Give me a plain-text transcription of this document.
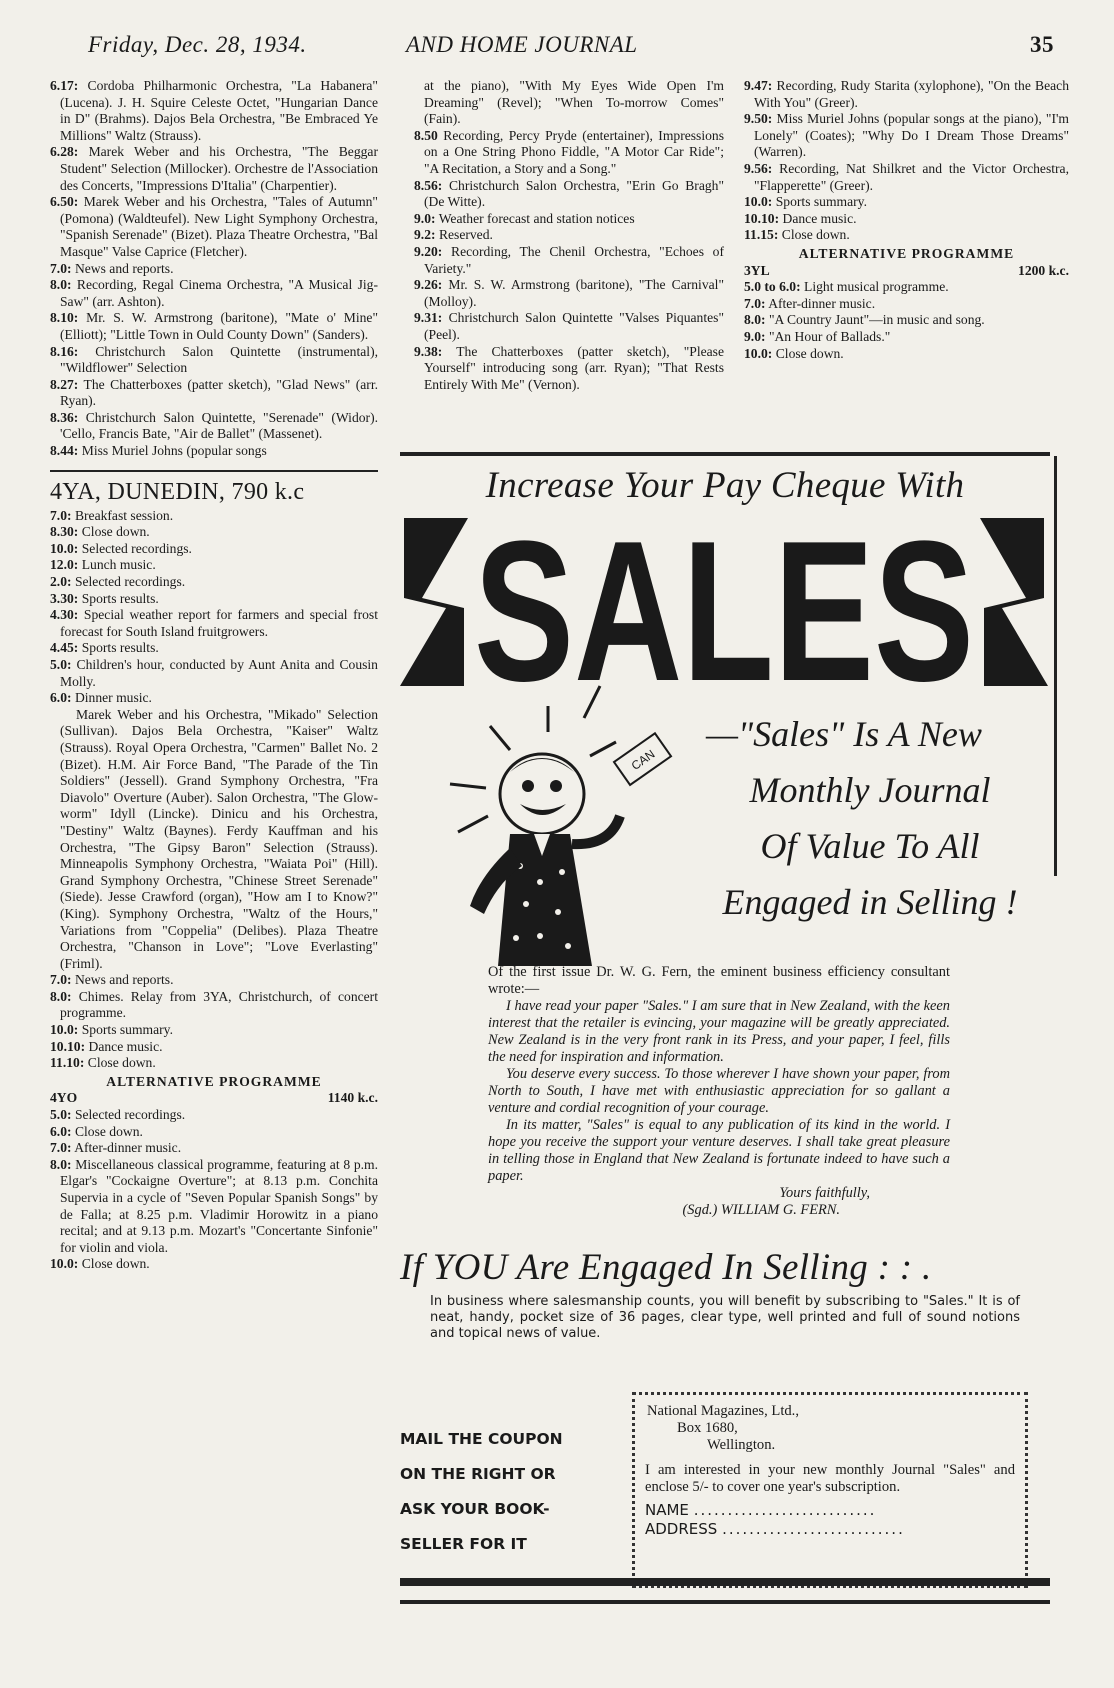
Friday, Dec. 28, 1934.	AND HOME JOURNAL	35
6.17: Cordoba Philharmonic Orchestra, "La Habanera" (Lucena). J. H. Squire Celeste Octet, "Hungarian Dance in D" (Brahms). Dajos Bela Orchestra, "Be Embraced Ye Millions" Waltz (Strauss).
6.28: Marek Weber and his Orchestra, "The Beggar Student" Selection (Millocker). Orchestre de l'Association des Concerts, "Impressions D'Italia" (Charpentier).
6.50: Marek Weber and his Orchestra, "Tales of Autumn" (Pomona) (Waldteufel). New Light Symphony Orchestra, "Spanish Serenade" (Bizet). Plaza Theatre Orchestra, "Bal Masque" Valse Caprice (Fletcher).
7.0: News and reports.
8.0: Recording, Regal Cinema Orchestra, "A Musical Jig-Saw" (arr. Ashton).
8.10: Mr. S. W. Armstrong (baritone), "Mate o' Mine" (Elliott); "Little Town in Ould County Down" (Sanders).
8.16: Christchurch Salon Quintette (instrumental), "Wildflower" Selection
8.27: The Chatterboxes (patter sketch), "Glad News" (arr. Ryan).
8.36: Christchurch Salon Quintette, "Serenade" (Widor). 'Cello, Francis Bate, "Air de Ballet" (Massenet).
8.44: Miss Muriel Johns (popular songs
4YA, DUNEDIN, 790 k.c
7.0: Breakfast session.
8.30: Close down.
10.0: Selected recordings.
12.0: Lunch music.
2.0: Selected recordings.
3.30: Sports results.
4.30: Special weather report for farmers and special frost forecast for South Island fruitgrowers.
4.45: Sports results.
5.0: Children's hour, conducted by Aunt Anita and Cousin Molly.
6.0: Dinner music.
Marek Weber and his Orchestra, "Mikado" Selection (Sullivan). Dajos Bela Orchestra, "Kaiser" Waltz (Strauss). Royal Opera Orchestra, "Carmen" Ballet No. 2 (Bizet). H.M. Air Force Band, "The Parade of the Tin Soldiers" (Jessell). Grand Symphony Orchestra, "Fra Diavolo" Overture (Auber). Salon Orchestra, "The Glow-worm" Idyll (Lincke). Dinicu and his Orchestra, "Destiny" Waltz (Baynes). Ferdy Kauffman and his Orchestra, "The Gipsy Baron" Selection (Strauss). Minneapolis Symphony Orchestra, "Waiata Poi" (Hill). Grand Symphony Orchestra, "Chinese Street Serenade" (Siede). Jesse Crawford (organ), "How am I to Know?" (King). Symphony Orchestra, "Waltz of the Hours," Variations from "Coppelia" (Delibes). Plaza Theatre Orchestra, "Chanson in Love"; "Love Everlasting" (Friml).
7.0: News and reports.
8.0: Chimes. Relay from 3YA, Christchurch, of concert programme.
10.0: Sports summary.
10.10: Dance music.
11.10: Close down.
ALTERNATIVE PROGRAMME
4YO	1140 k.c.
5.0: Selected recordings.
6.0: Close down.
7.0: After-dinner music.
8.0: Miscellaneous classical programme, featuring at 8 p.m. Elgar's "Cockaigne Overture"; at 8.13 p.m. Conchita Supervia in a cycle of "Seven Popular Spanish Songs" by de Falla; at 8.25 p.m. Vladimir Horowitz in a piano recital; and at 9.13 p.m. Mozart's "Concertante Sinfonie" for violin and viola.
10.0: Close down.
at the piano), "With My Eyes Wide Open I'm Dreaming" (Revel); "When To-morrow Comes" (Fain).
8.50 Recording, Percy Pryde (entertainer), Impressions on a One String Phono Fiddle, "A Motor Car Ride"; "A Recitation, a Story and a Song."
8.56: Christchurch Salon Orchestra, "Erin Go Bragh" (De Witte).
9.0: Weather forecast and station notices
9.2: Reserved.
9.20: Recording, The Chenil Orchestra, "Echoes of Variety."
9.26: Mr. S. W. Armstrong (baritone), "The Carnival" (Molloy).
9.31: Christchurch Salon Quintette "Valses Piquantes" (Peel).
9.38: The Chatterboxes (patter sketch), "Please Yourself" introducing song (arr. Ryan); "That Rests Entirely With Me" (Vernon).
9.47: Recording, Rudy Starita (xylophone), "On the Beach With You" (Greer).
9.50: Miss Muriel Johns (popular songs at the piano), "I'm Lonely" (Coates); "Why Do I Dream Those Dreams" (Warren).
9.56: Recording, Nat Shilkret and the Victor Orchestra, "Flapperette" (Greer).
10.0: Sports summary.
10.10: Dance music.
11.15: Close down.
ALTERNATIVE PROGRAMME
3YL	1200 k.c.
5.0 to 6.0: Light musical programme.
7.0: After-dinner music.
8.0: "A Country Jaunt"—in music and song.
9.0: "An Hour of Ballads."
10.0: Close down.
Increase Your Pay Cheque With
SALES
CAN
—"Sales" Is A New
Monthly Journal
Of Value To All
Engaged in Selling !

Of the first issue Dr. W. G. Fern, the eminent business efficiency consultant wrote:—

I have read your paper "Sales." I am sure that in New Zealand, with the keen interest that the retailer is evincing, your magazine will be greatly appreciated. New Zealand is in the very front rank in its Press, and your paper, I feel, fills the need for inspiration and information.

You deserve every success. To those wherever I have shown your paper, from North to South, I have met with enthusiastic appreciation for so gallant a venture and cordial recognition of your courage.

In its matter, "Sales" is equal to any publication of its kind in the world. I hope you receive the support your venture deserves. I shall take great pleasure in telling those in England that New Zealand is fortunate indeed to have such a paper.

Yours faithfully,

(Sgd.) WILLIAM G. FERN.

If YOU Are Engaged In Selling : : .
In business where salesmanship counts, you will benefit by subscribing to "Sales." It is of neat, handy, pocket size of 36 pages, clear type, well printed and full of sound notions and topical news of value.
MAIL THE COUPON
ON THE RIGHT OR
ASK YOUR BOOK-
SELLER FOR IT
National Magazines, Ltd.,
Box 1680,
Wellington.
I am interested in your new monthly Journal "Sales" and enclose 5/- to cover one year's subscription.
NAME ...........................
ADDRESS ...........................
